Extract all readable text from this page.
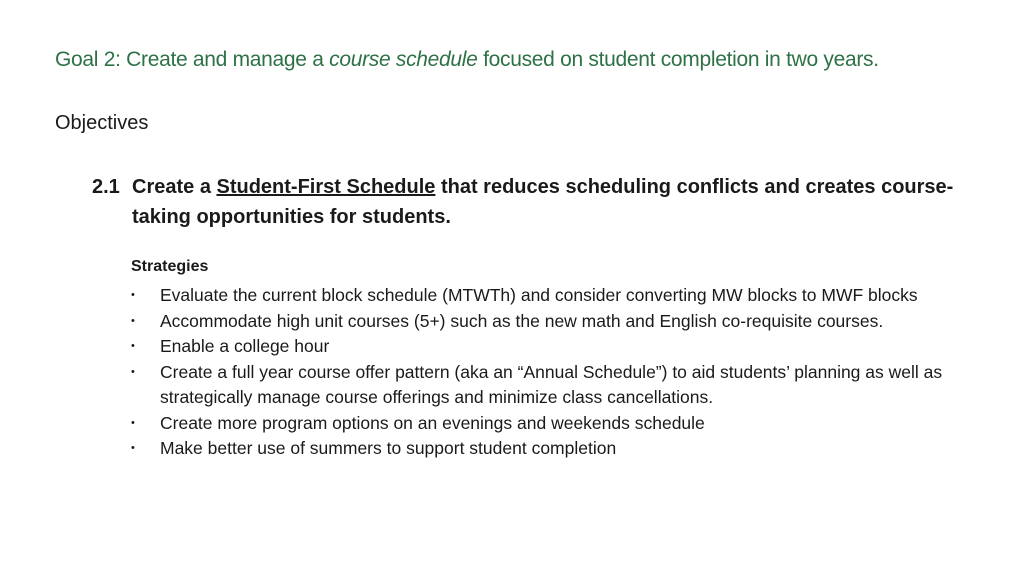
Goal 2: Create and manage a course schedule focused on student completion in two years.
Objectives
2.1 Create a Student-First Schedule that reduces scheduling conflicts and creates course-taking opportunities for students.
Strategies
• Evaluate the current block schedule (MTWTh) and consider converting MW blocks to MWF blocks
• Accommodate high unit courses (5+) such as the new math and English co-requisite courses.
• Enable a college hour
• Create a full year course offer pattern (aka an “Annual Schedule”) to aid students’ planning as well as strategically manage course offerings and minimize class cancellations.
• Create more program options on an evenings and weekends schedule
• Make better use of summers to support student completion
